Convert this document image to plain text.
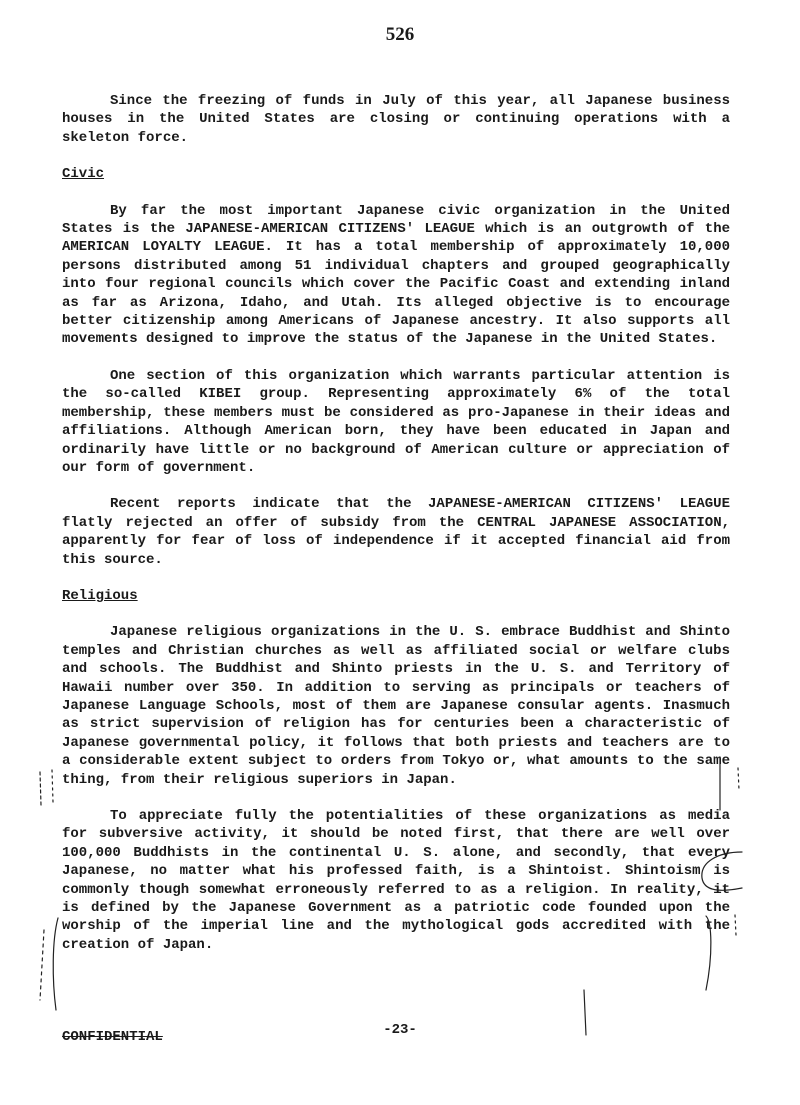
526

Since the freezing of funds in July of this year, all Japanese business houses in the United States are closing or continuing operations with a skeleton force.

Civic

By far the most important Japanese civic organization in the United States is the JAPANESE-AMERICAN CITIZENS' LEAGUE which is an outgrowth of the AMERICAN LOYALTY LEAGUE. It has a total membership of approximately 10,000 persons distributed among 51 individual chapters and grouped geographically into four regional councils which cover the Pacific Coast and extending inland as far as Arizona, Idaho, and Utah. Its alleged objective is to encourage better citizenship among Americans of Japanese ancestry. It also supports all movements designed to improve the status of the Japanese in the United States.

One section of this organization which warrants particular attention is the so-called KIBEI group. Representing approximately 6% of the total membership, these members must be considered as pro-Japanese in their ideas and affiliations. Although American born, they have been educated in Japan and ordinarily have little or no background of American culture or appreciation of our form of government.

Recent reports indicate that the JAPANESE-AMERICAN CITIZENS' LEAGUE flatly rejected an offer of subsidy from the CENTRAL JAPANESE ASSOCIATION, apparently for fear of loss of independence if it accepted financial aid from this source.

Religious

Japanese religious organizations in the U. S. embrace Buddhist and Shinto temples and Christian churches as well as affiliated social or welfare clubs and schools. The Buddhist and Shinto priests in the U. S. and Territory of Hawaii number over 350. In addition to serving as principals or teachers of Japanese Language Schools, most of them are Japanese consular agents. Inasmuch as strict supervision of religion has for centuries been a characteristic of Japanese governmental policy, it follows that both priests and teachers are to a considerable extent subject to orders from Tokyo or, what amounts to the same thing, from their religious superiors in Japan.

To appreciate fully the potentialities of these organizations as media for subversive activity, it should be noted first, that there are well over 100,000 Buddhists in the continental U. S. alone, and secondly, that every Japanese, no matter what his professed faith, is a Shintoist. Shintoism is commonly though somewhat erroneously referred to as a religion. In reality, it is defined by the Japanese Government as a patriotic code founded upon the worship of the imperial line and the mythological gods accredited with the creation of Japan.

CONFIDENTIAL	-23-
